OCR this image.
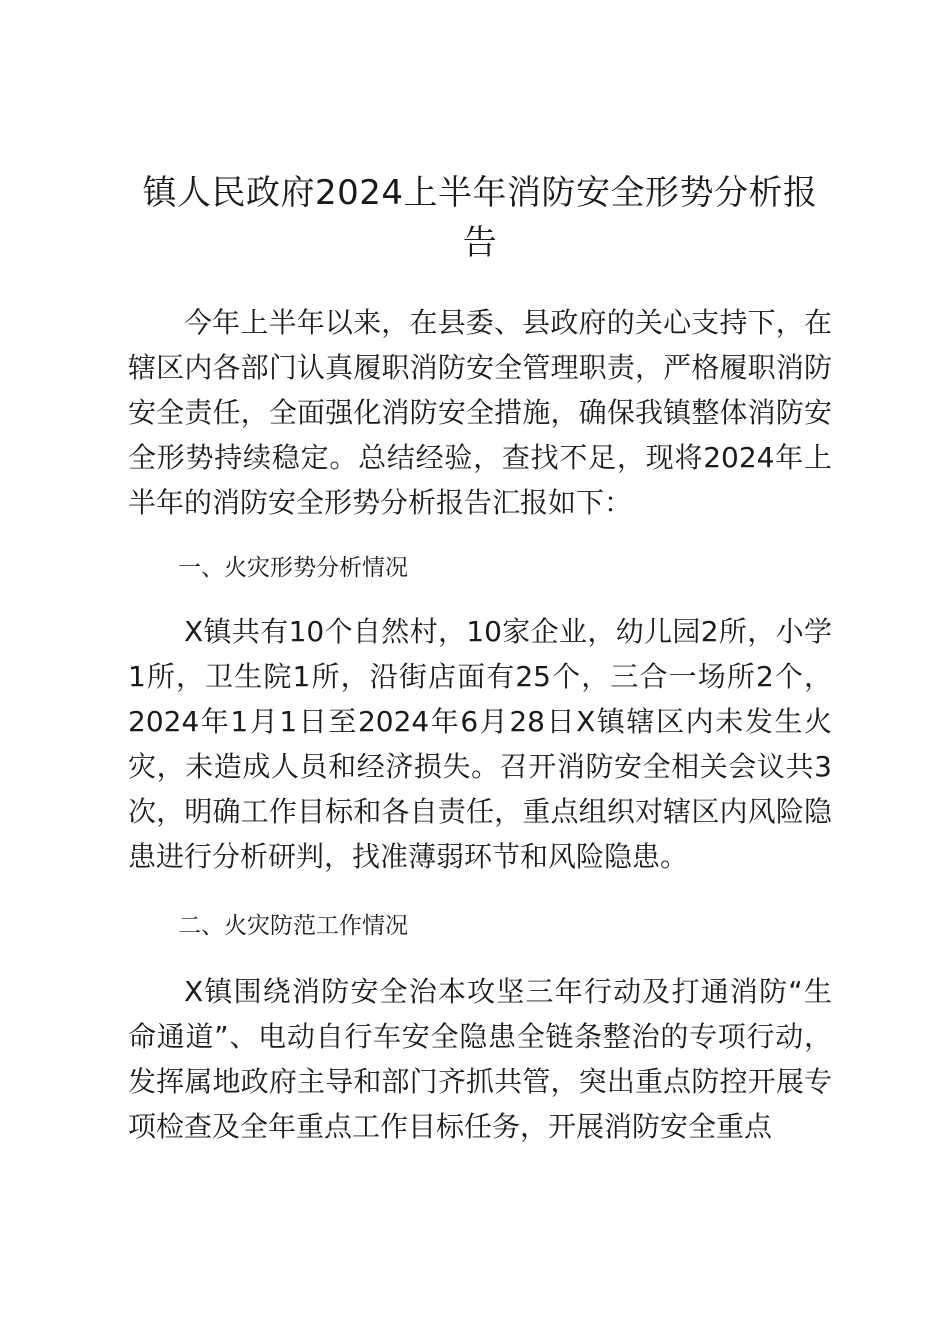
镇人民政府2024上半年消防安全形势分析报告

今年上半年以来，在县委、县政府的关心支持下，在辖区内各部门认真履职消防安全管理职责，严格履职消防安全责任，全面强化消防安全措施，确保我镇整体消防安全形势持续稳定。总结经验，查找不足，现将2024年上半年的消防安全形势分析报告汇报如下：

一、火灾形势分析情况

X镇共有10个自然村，10家企业，幼儿园2所，小学1所，卫生院1所，沿街店面有25个，三合一场所2个，2024年1月1日至2024年6月28日X镇辖区内未发生火灾，未造成人员和经济损失。召开消防安全相关会议共3次，明确工作目标和各自责任，重点组织对辖区内风险隐患进行分析研判，找准薄弱环节和风险隐患。

二、火灾防范工作情况

X镇围绕消防安全治本攻坚三年行动及打通消防“生命通道”、电动自行车安全隐患全链条整治的专项行动，发挥属地政府主导和部门齐抓共管，突出重点防控开展专项检查及全年重点工作目标任务，开展消防安全重点
